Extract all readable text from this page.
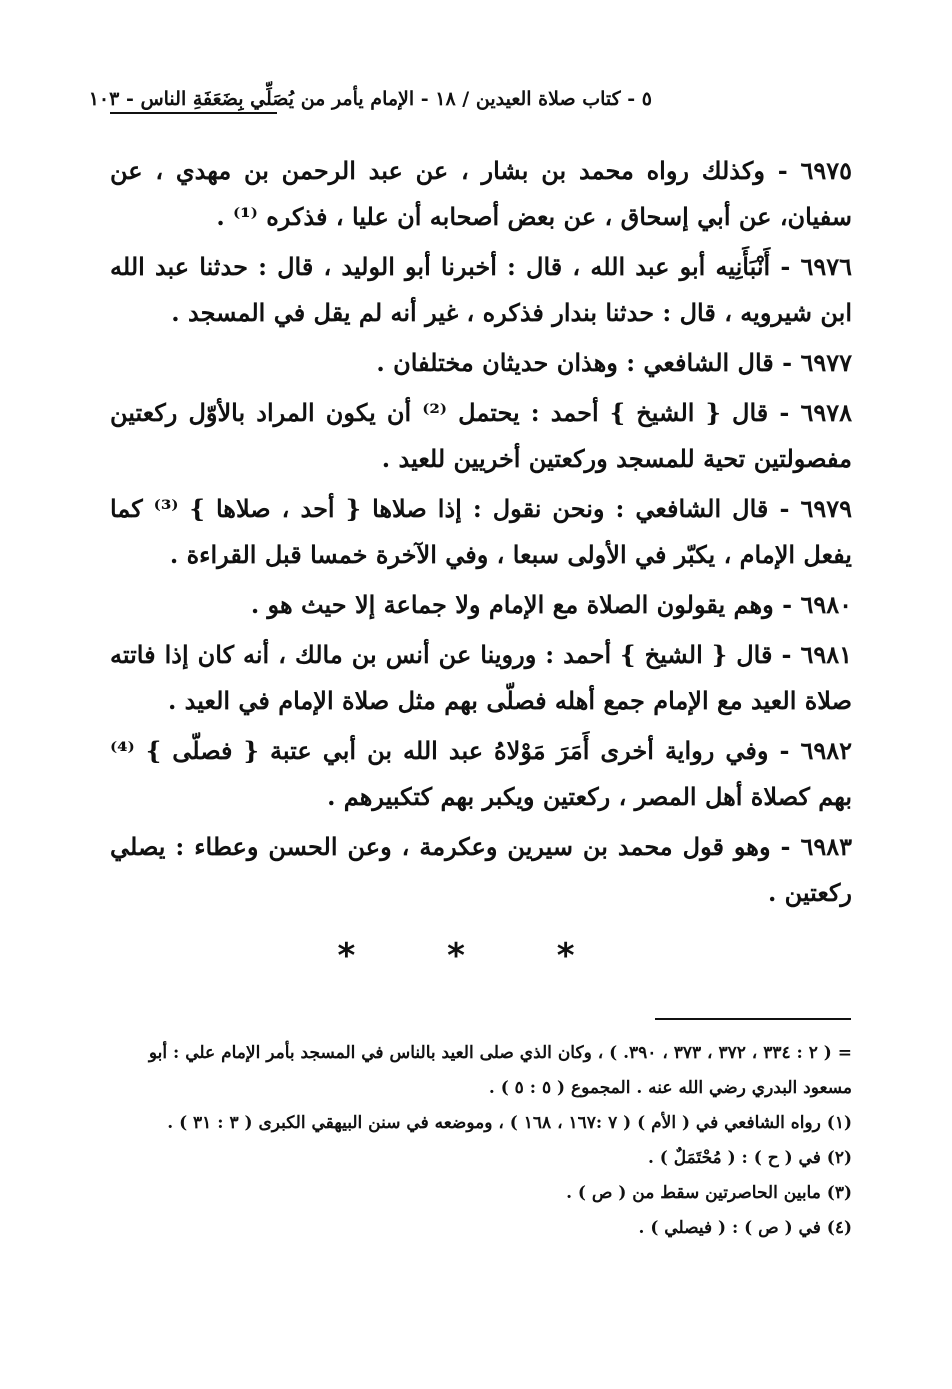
٥ - كتاب صلاة العيدين / ١٨ - الإمام يأمر من يُصَلِّي بِضَعَفَةِ الناس - ١٠٣

٦٩٧٥ - وكذلك رواه محمد بن بشار ، عن عبد الرحمن بن مهدي ، عن سفيان، عن أبي إسحاق ، عن بعض أصحابه أن عليا ، فذكره ⁽¹⁾ .

٦٩٧٦ - أَنْبَأَنِيه أبو عبد الله ، قال : أخبرنا أبو الوليد ، قال : حدثنا عبد الله ابن شيرويه ، قال : حدثنا بندار فذكره ، غير أنه لم يقل في المسجد .

٦٩٧٧ - قال الشافعي : وهذان حديثان مختلفان .

٦٩٧٨ - قال { الشيخ } أحمد : يحتمل ⁽²⁾ أن يكون المراد بالأوّل ركعتين مفصولتين تحية للمسجد وركعتين أخريين للعيد .

٦٩٧٩ - قال الشافعي : ونحن نقول : إذا صلاها { أحد ، صلاها } ⁽³⁾ كما يفعل الإمام ، يكبّر في الأولى سبعا ، وفي الآخرة خمسا قبل القراءة .

٦٩٨٠ - وهم يقولون الصلاة مع الإمام ولا جماعة إلا حيث هو .

٦٩٨١ - قال { الشيخ } أحمد : وروينا عن أنس بن مالك ، أنه كان إذا فاتته صلاة العيد مع الإمام جمع أهله فصلّى بهم مثل صلاة الإمام في العيد .

٦٩٨٢ - وفي رواية أخرى أَمَرَ مَوْلاهُ عبد الله بن أبي عتبة { فصلّى } ⁽⁴⁾ بهم كصلاة أهل المصر ، ركعتين ويكبر بهم كتكبيرهم .

٦٩٨٣ - وهو قول محمد بن سيرين وعكرمة ، وعن الحسن وعطاء : يصلي ركعتين .

* * *

= ( ٢ : ٣٣٤ ، ٣٧٢ ، ٣٧٣ ، ٣٩٠. ) ، وكان الذي صلى العيد بالناس في المسجد بأمر الإمام علي : أبو مسعود البدري رضي الله عنه . المجموع ( ٥ : ٥ ) .

(١) رواه الشافعي في ( الأم ) ( ٧ :١٦٧ ، ١٦٨ ) ، وموضعه في سنن البيهقي الكبرى ( ٣ : ٣١ ) .

(٢) في ( ح ) : ( مُحْتَمَلٌ ) .

(٣) مابين الحاصرتين سقط من ( ص ) .

(٤) في ( ص ) : ( فيصلي ) .
